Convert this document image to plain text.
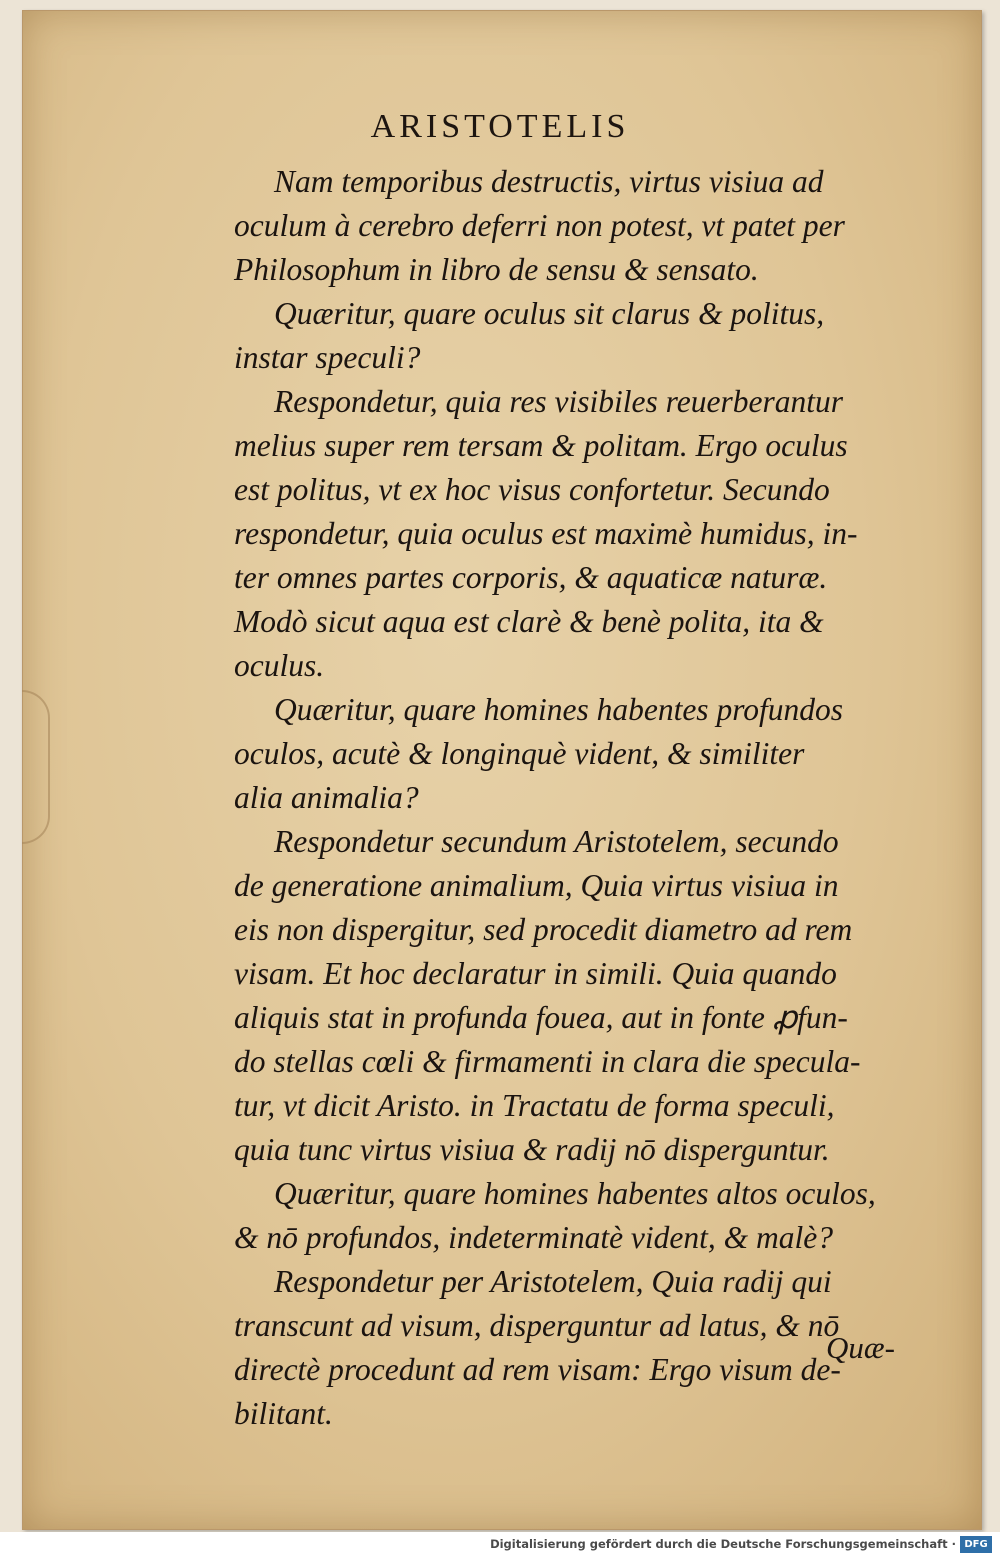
ARISTOTELIS
Nam temporibus destructis, virtus visiua ad
oculum à cerebro deferri non potest, vt patet per
Philosophum in libro de sensu & sensato.
Quæritur, quare oculus sit clarus & politus,
instar speculi?
Respondetur, quia res visibiles reuerberantur
melius super rem tersam & politam. Ergo oculus
est politus, vt ex hoc visus confortetur. Secundo
respondetur, quia oculus est maximè humidus, in-
ter omnes partes corporis, & aquaticæ naturæ.
Modò sicut aqua est clarè & benè polita, ita &
oculus.
Quæritur, quare homines habentes profundos
oculos, acutè & longinquè vident, & similiter
alia animalia?
Respondetur secundum Aristotelem, secundo
de generatione animalium, Quia virtus visiua in
eis non dispergitur, sed procedit diametro ad rem
visam. Et hoc declaratur in simili. Quia quando
aliquis stat in profunda fouea, aut in fonte ꝓfun-
do stellas cœli & firmamenti in clara die specula-
tur, vt dicit Aristo. in Tractatu de forma speculi,
quia tunc virtus visiua & radij nō disperguntur.
Quæritur, quare homines habentes altos oculos,
& nō profundos, indeterminatè vident, & malè?
Respondetur per Aristotelem, Quia radij qui
transcunt ad visum, disperguntur ad latus, & nō
directè procedunt ad rem visam: Ergo visum de-
bilitant.
Quæ-
Digitalisierung gefördert durch die Deutsche Forschungsgemeinschaft · DFG
